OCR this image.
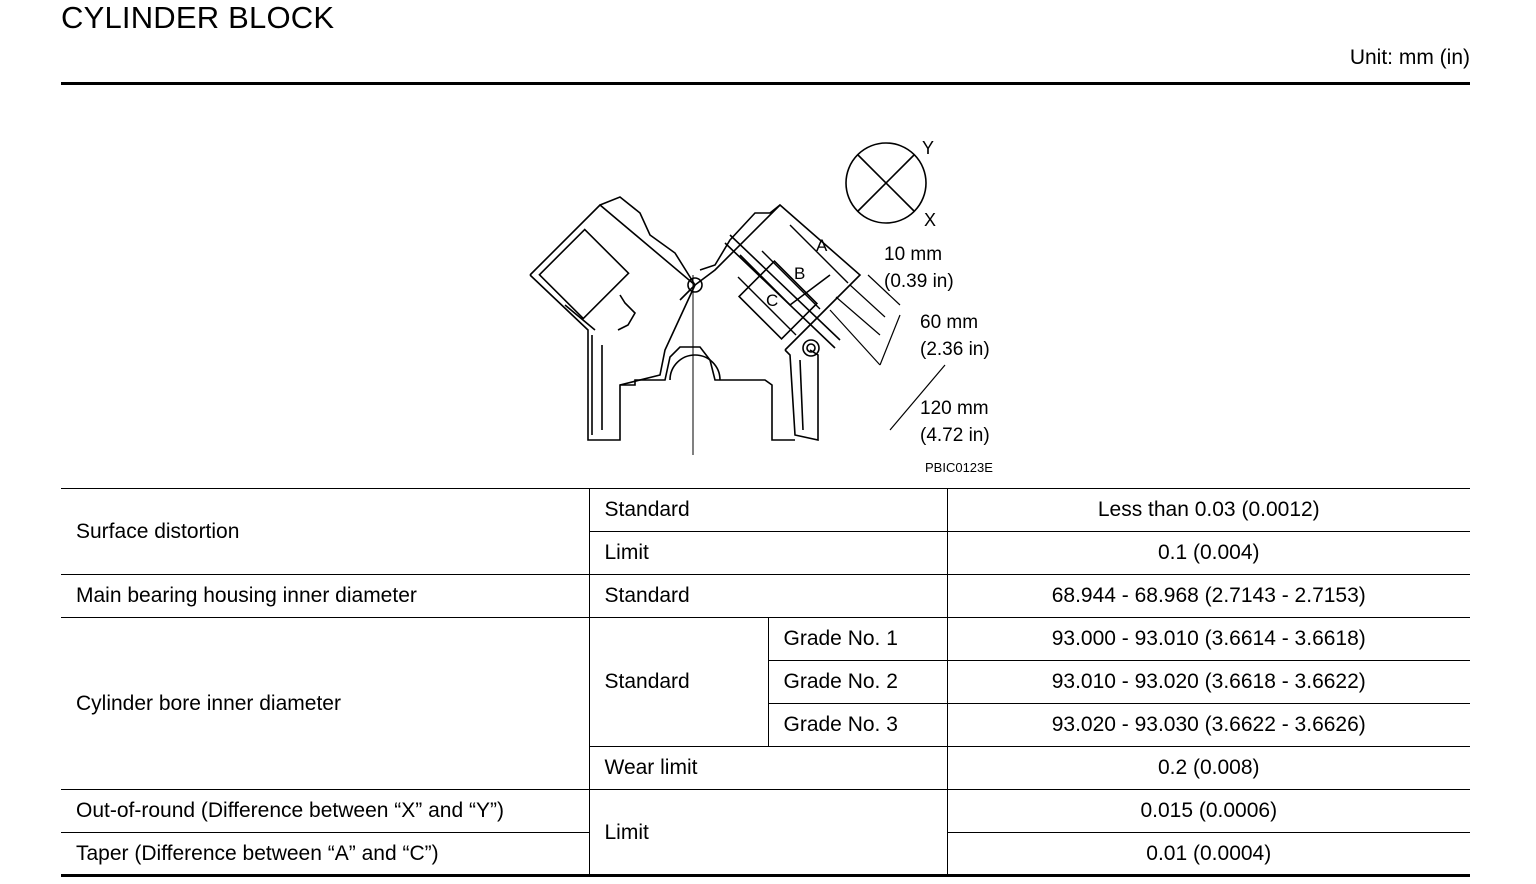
CYLINDER BLOCK
Unit: mm (in)
A
B
C
Y
X
10 mm
(0.39 in)
60 mm
(2.36 in)
120 mm
(4.72 in)
PBIC0123E
Surface distortion	Standard		Less than 0.03 (0.0012)
	Limit		0.1 (0.004)
Main bearing housing inner diameter	Standard		68.944 - 68.968 (2.7143 - 2.7153)
Cylinder bore inner diameter	Standard	Grade No. 1	93.000 - 93.010 (3.6614 - 3.6618)
		Grade No. 2	93.010 - 93.020 (3.6618 - 3.6622)
		Grade No. 3	93.020 - 93.030 (3.6622 - 3.6626)
	Wear limit		0.2 (0.008)
Out-of-round (Difference between “X” and “Y”)	Limit		0.015 (0.0006)
Taper (Difference between “A” and “C”)			0.01 (0.0004)
